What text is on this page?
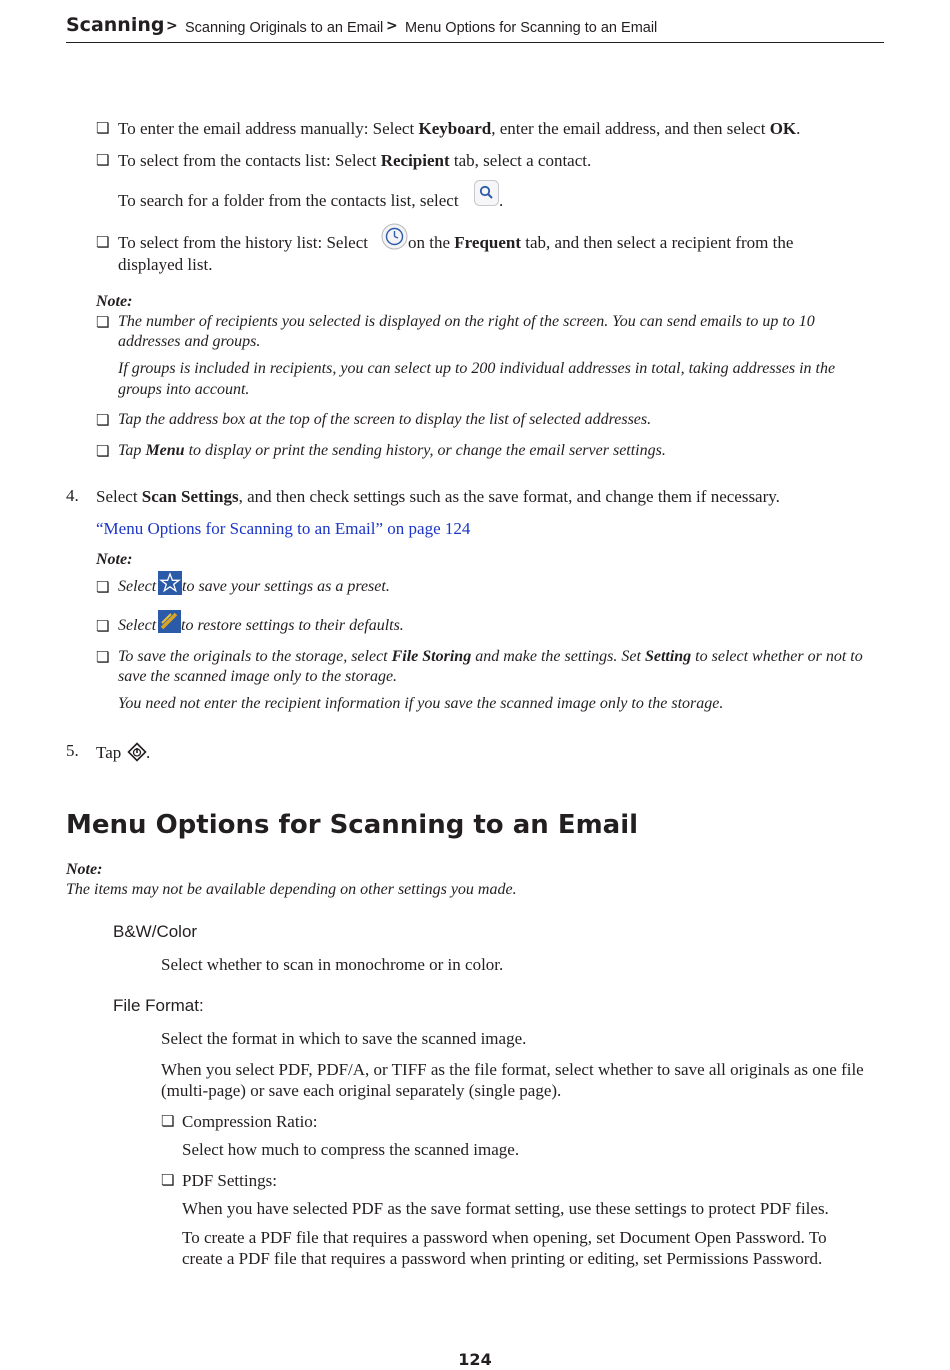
Scanning > Scanning Originals to an Email > Menu Options for Scanning to an Email
❏ To enter the email address manually: Select Keyboard, enter the email address, and then select OK.
❏ To select from the contacts list: Select Recipient tab, select a contact.
To search for a folder from the contacts list, select .
❏ To select from the history list: Select on the Frequent tab, and then select a recipient from the
displayed list.
Note:
❏ The number of recipients you selected is displayed on the right of the screen. You can send emails to up to 10
addresses and groups.
If groups is included in recipients, you can select up to 200 individual addresses in total, taking addresses in the
groups into account.
❏ Tap the address box at the top of the screen to display the list of selected addresses.
❏ Tap Menu to display or print the sending history, or change the email server settings.
4. Select Scan Settings, and then check settings such as the save format, and change them if necessary.
“Menu Options for Scanning to an Email” on page 124
Note:
❏ Select to save your settings as a preset.
❏ Select to restore settings to their defaults.
❏ To save the originals to the storage, select File Storing and make the settings. Set Setting to select whether or not to
save the scanned image only to the storage.
You need not enter the recipient information if you save the scanned image only to the storage.
5. Tap .
Menu Options for Scanning to an Email
Note:
The items may not be available depending on other settings you made.
B&W/Color
Select whether to scan in monochrome or in color.
File Format:
Select the format in which to save the scanned image.
When you select PDF, PDF/A, or TIFF as the file format, select whether to save all originals as one file
(multi-page) or save each original separately (single page).
❏ Compression Ratio:
Select how much to compress the scanned image.
❏ PDF Settings:
When you have selected PDF as the save format setting, use these settings to protect PDF files.
To create a PDF file that requires a password when opening, set Document Open Password. To
create a PDF file that requires a password when printing or editing, set Permissions Password.
124
